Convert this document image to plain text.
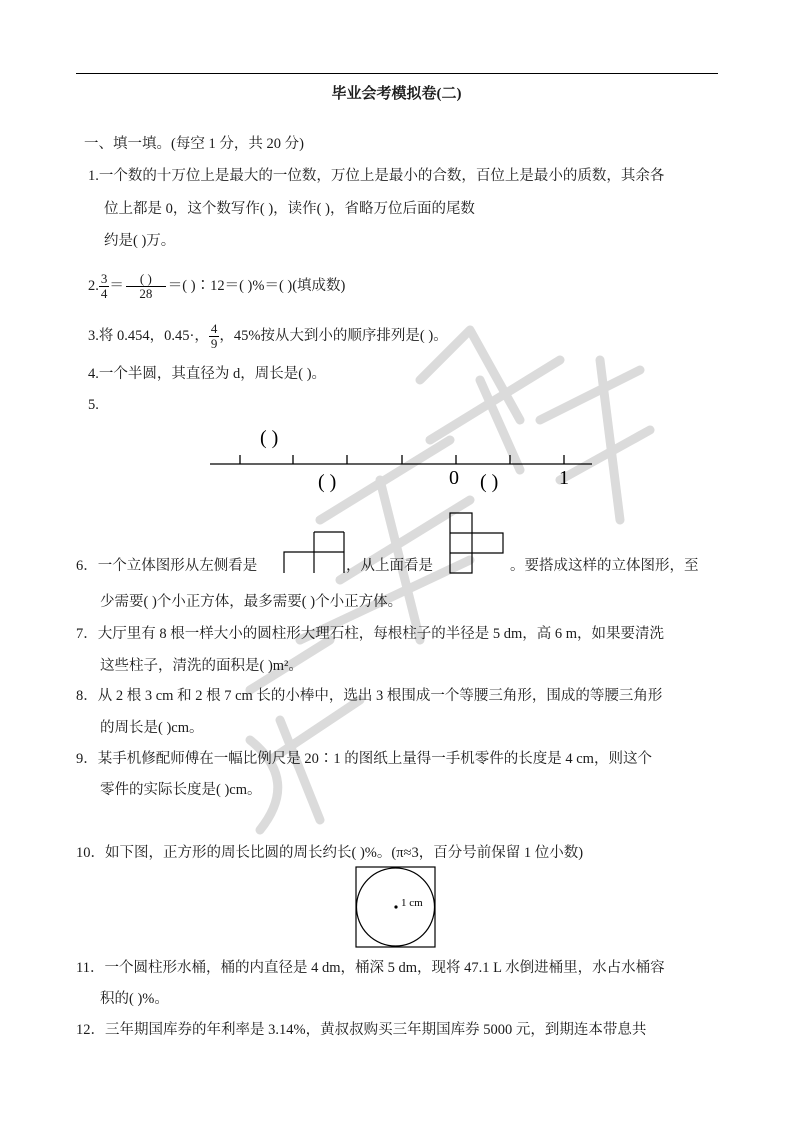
毕业会考模拟卷(二)
一、填一填。(每空 1 分，共 20 分)
1.一个数的十万位上是最大的一位数，万位上是最小的合数，百位上是最小的质数，其余各
位上都是 0，这个数写作( )，读作( )，省略万位后面的尾数
约是( )万。
2. $\frac{3}{4} = \frac{( )}{28}$ ＝( )∶12＝( )%＝( )(填成数)
3.将 0.454，0.45·， $\frac{4}{9}$ ，45%按从大到小的顺序排列是( )。
4.一个半圆，其直径为 d，周长是( )。
5.
( )
( )	0 ( )	1
6．一个立体图形从左侧看是	，从上面看是	。要搭成这样的立体图形，至
少需要( )个小正方体，最多需要( )个小正方体。
7．大厅里有 8 根一样大小的圆柱形大理石柱，每根柱子的半径是 5 dm，高 6 m，如果要清洗
这些柱子，清洗的面积是( )m²。
8．从 2 根 3 cm 和 2 根 7 cm 长的小棒中，选出 3 根围成一个等腰三角形，围成的等腰三角形
的周长是( )cm。
9．某手机修配师傅在一幅比例尺是 20∶1 的图纸上量得一手机零件的长度是 4 cm，则这个
零件的实际长度是( )cm。
10．如下图，正方形的周长比圆的周长约长( )%。(π≈3，百分号前保留 1 位小数)
1 cm
11．一个圆柱形水桶，桶的内直径是 4 dm，桶深 5 dm，现将 47.1 L 水倒进桶里，水占水桶容
积的( )%。
12．三年期国库券的年利率是 3.14%，黄叔叔购买三年期国库券 5000 元，到期连本带息共
